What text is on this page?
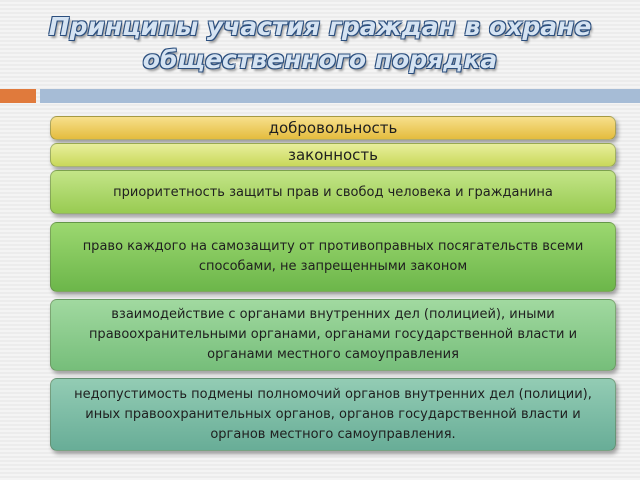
Принципы участия граждан в охране
общественного порядка
добровольность
законность
приоритетность защиты прав и свобод человека и гражданина
право каждого на самозащиту от противоправных посягательств всеми способами, не запрещенными законом
взаимодействие с органами внутренних дел (полицией), иными правоохранительными органами, органами государственной власти и органами местного самоуправления
недопустимость подмены полномочий органов внутренних дел (полиции), иных правоохранительных органов, органов государственной власти и органов местного самоуправления.
